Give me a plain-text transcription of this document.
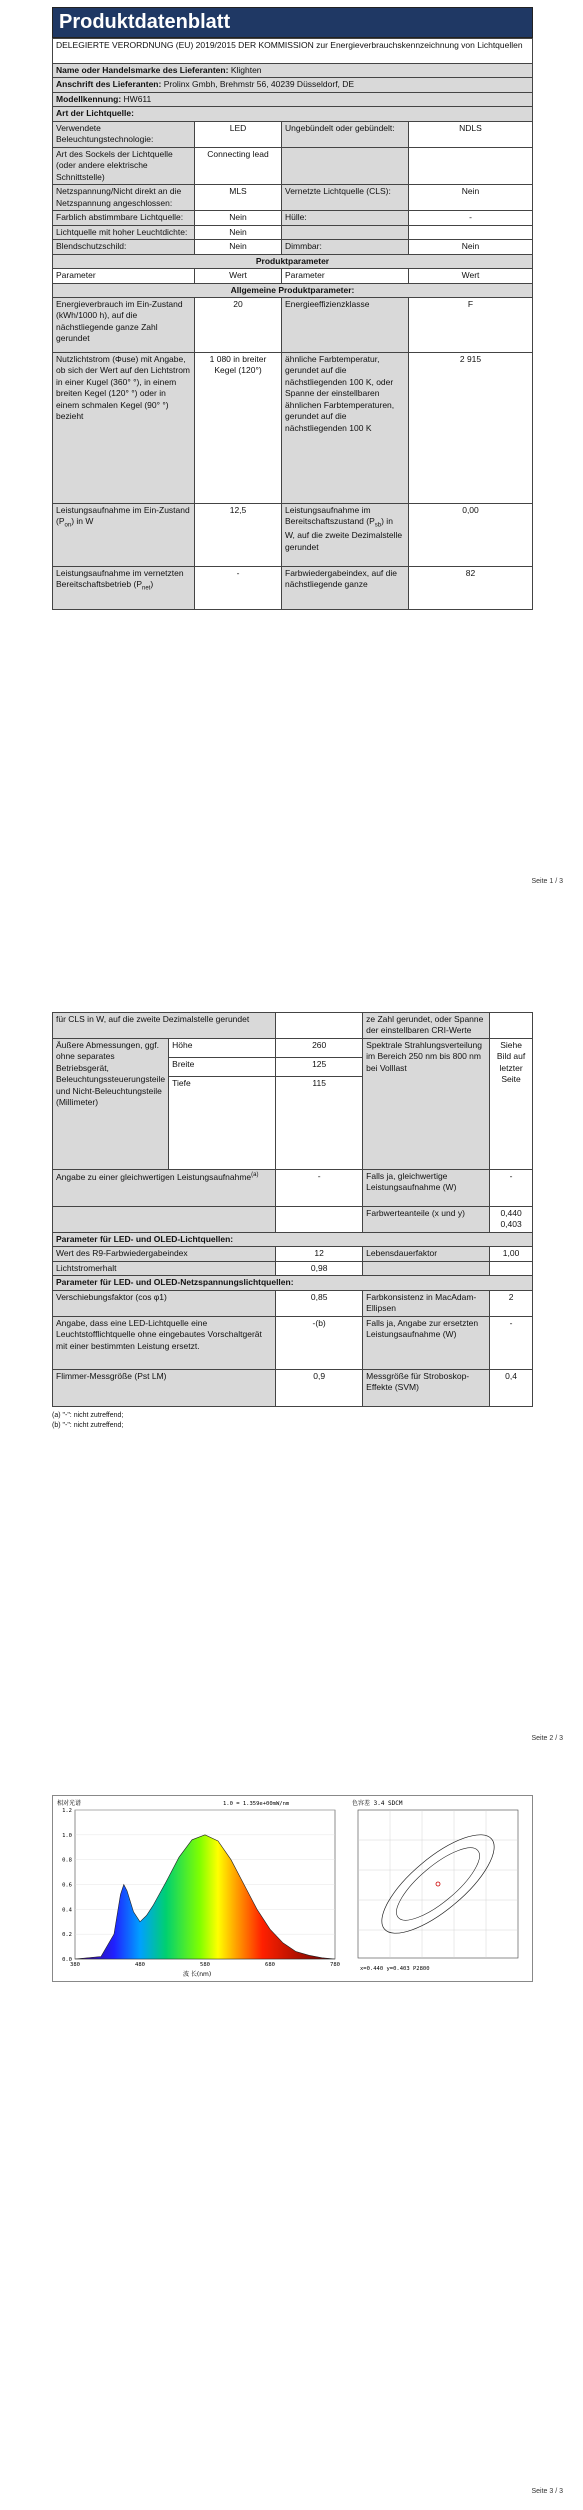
Produktdatenblatt
DELEGIERTE VERORDNUNG (EU) 2019/2015 DER KOMMISSION zur Energieverbrauchskennzeichnung von Lichtquellen			
Name oder Handelsmarke des Lieferanten: Klighten			
Anschrift des Lieferanten: Prolinx Gmbh, Brehmstr 56, 40239 Düsseldorf, DE			
Modellkennung: HW611			
Art der Lichtquelle:			
Verwendete Beleuchtungstechnologie:	LED	Ungebündelt oder gebündelt:	NDLS
Art des Sockels der Lichtquelle (oder andere elektrische Schnittstelle)	Connecting lead		
Netzspannung/Nicht direkt an die Netzspannung angeschlossen:	MLS	Vernetzte Lichtquelle (CLS):	Nein
Farblich abstimmbare Lichtquelle:	Nein	Hülle:	-
Lichtquelle mit hoher Leuchtdichte:	Nein		
Blendschutzschild:	Nein	Dimmbar:	Nein
Produktparameter			
Parameter	Wert	Parameter	Wert
Allgemeine Produktparameter:			
Energieverbrauch im Ein-Zustand (kWh/1000 h), auf die nächstliegende ganze Zahl gerundet	20	Energieeffizienzklasse	F
Nutzlichtstrom (Φuse) mit Angabe, ob sich der Wert auf den Lichtstrom in einer Kugel (360° °), in einem breiten Kegel (120° °) oder in einem schmalen Kegel (90° °) bezieht	1 080 in breiter Kegel (120°)	ähnliche Farbtemperatur, gerundet auf die nächstliegenden 100 K, oder Spanne der einstellbaren ähnlichen Farbtemperaturen, gerundet auf die nächstliegenden 100 K	2 915
Leistungsaufnahme im Ein-Zustand $(P_{on})$ in W	12,5	Leistungsaufnahme im Bereitschaftszustand $(P_{sb})$ in W, auf die zweite Dezimalstelle gerundet	0,00
Leistungsaufnahme im vernetzten Bereitschaftsbetrieb $(P_{net})$	-	Farbwiedergabeindex, auf die nächstliegende ganze	82
Seite 1 / 3
für CLS in W, auf die zweite Dezimalstelle gerundet			ze Zahl gerundet, oder Spanne der einstellbaren CRI-Werte	
Äußere Abmessungen, ggf. ohne separates Betriebsgerät, Beleuchtungssteuerungsteile und Nicht-Beleuchtungsteile (Millimeter)	Höhe	260	Spektrale Strahlungsverteilung im Bereich 250 nm bis 800 nm bei Volllast	Siehe Bild auf letzter Seite
	Breite	125		
	Tiefe	115		
Angabe zu einer gleichwertigen Leistungsaufnahme$^{(a)}$		-	Falls ja, gleichwertige Leistungsaufnahme (W)	-
			Farbwerteanteile (x und y)	0,440
0,403

Parameter für LED- und OLED-Lichtquellen:				
Wert des R9-Farbwiedergabeindex		12	Lebensdauerfaktor	1,00
Lichtstromerhalt		0,98		
Parameter für LED- und OLED-Netzspannungslichtquellen:				
Verschiebungsfaktor (cos φ1)		0,85	Farbkonsistenz in MacAdam-Ellipsen	2
Angabe, dass eine LED-Lichtquelle eine Leuchtstofflichtquelle ohne eingebautes Vorschaltgerät mit einer bestimmten Leistung ersetzt.		-(b)	Falls ja, Angabe zur ersetzten Leistungsaufnahme (W)	-
Flimmer-Messgröße (Pst LM)		0,9	Messgröße für Stroboskop-Effekte (SVM)	0,4
(a) "-": nicht zutreffend;
(b) "-": nicht zutreffend;
Seite 2 / 3
Seite 3 / 3
相对光谱	1.0 = 1.359e+00mW/nm
0.0
0.2
0.4
0.6
0.8
1.0
1.2
380	480	580	680	780
波 长(nm)
色容差 3.4 SDCM
x=0.440 y=0.403 P2800
